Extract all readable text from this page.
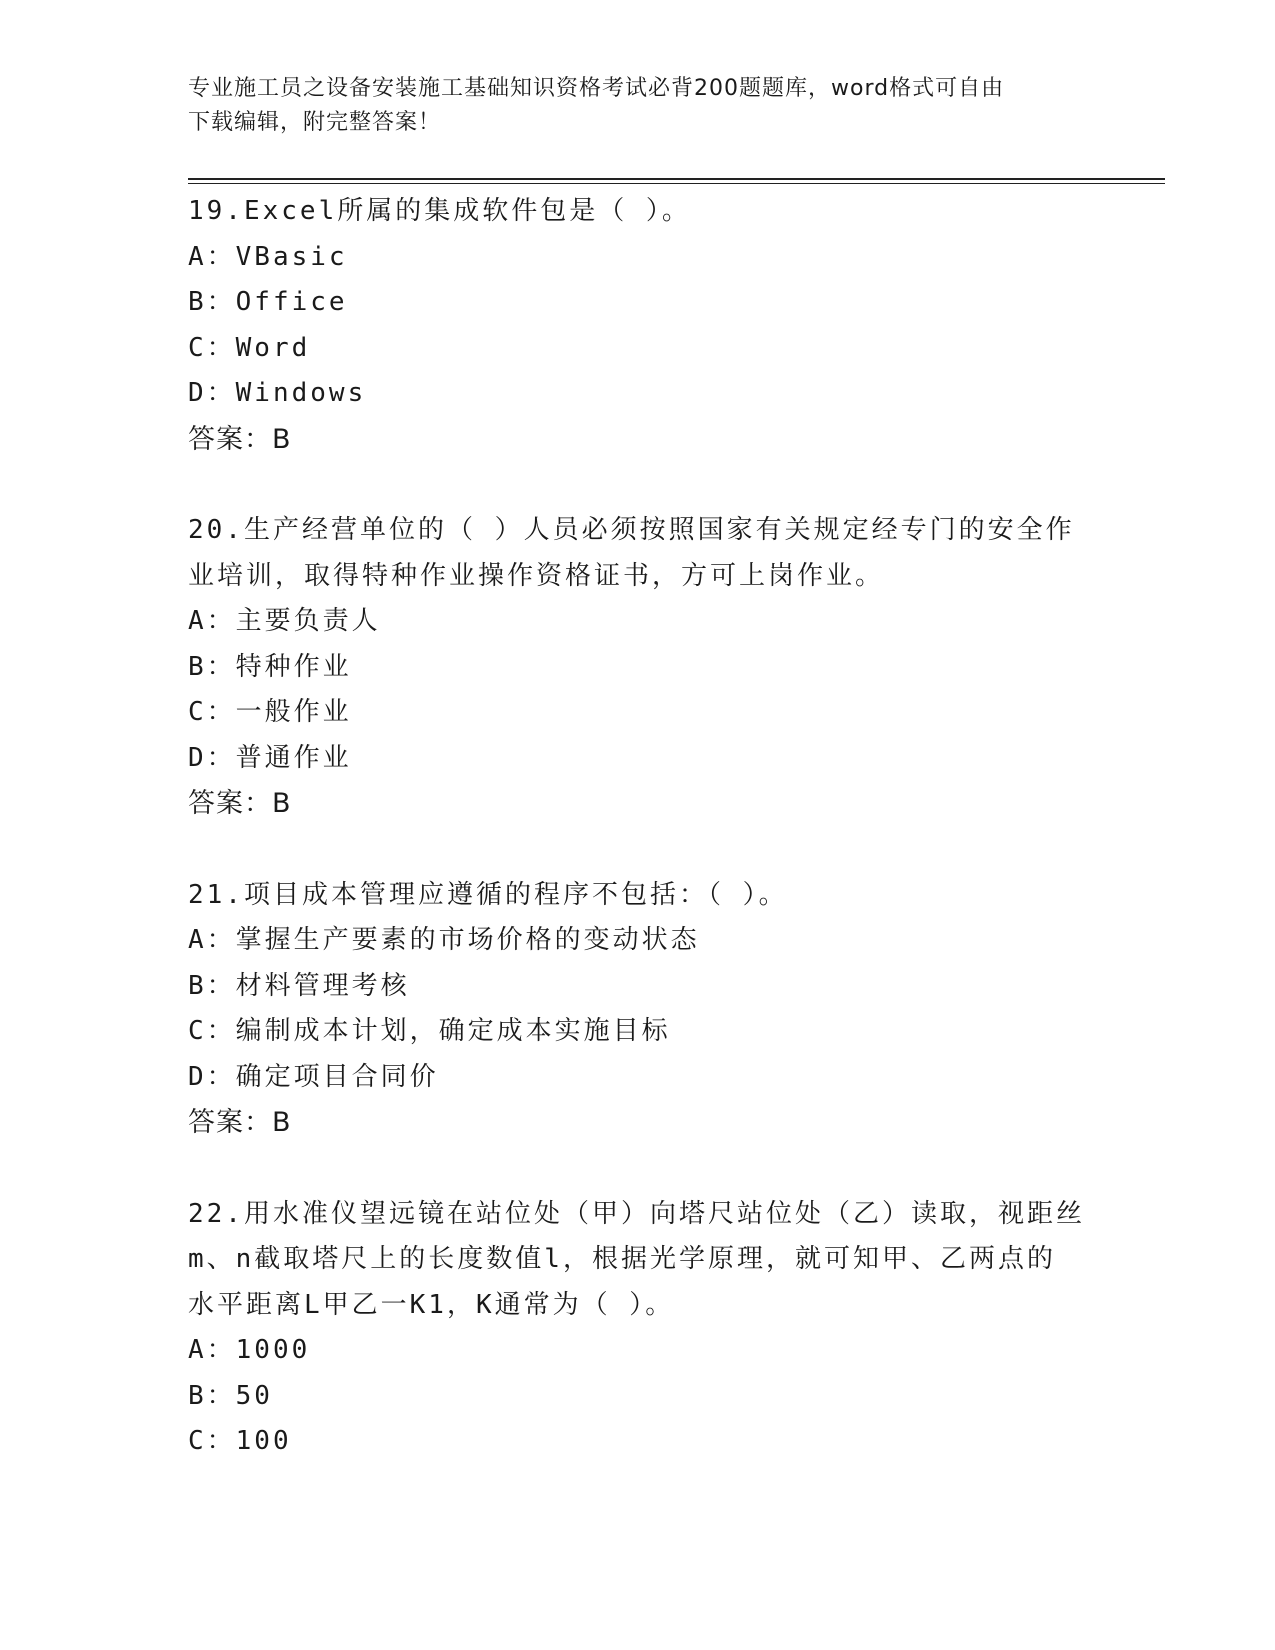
专业施工员之设备安装施工基础知识资格考试必背200题题库，word格式可自由
下载编辑，附完整答案！
19.Excel所属的集成软件包是（ ）。
A：VBasic
B：Office
C：Word
D：Windows
答案：B
20.生产经营单位的（ ）人员必须按照国家有关规定经专门的安全作
业培训，取得特种作业操作资格证书，方可上岗作业。
A：主要负责人
B：特种作业
C：一般作业
D：普通作业
答案：B
21.项目成本管理应遵循的程序不包括：（ ）。
A：掌握生产要素的市场价格的变动状态
B：材料管理考核
C：编制成本计划，确定成本实施目标
D：确定项目合同价
答案：B
22.用水准仪望远镜在站位处（甲）向塔尺站位处（乙）读取，视距丝
m、n截取塔尺上的长度数值l，根据光学原理，就可知甲、乙两点的
水平距离L甲乙一K1，K通常为（ ）。
A：1000
B：50
C：100
